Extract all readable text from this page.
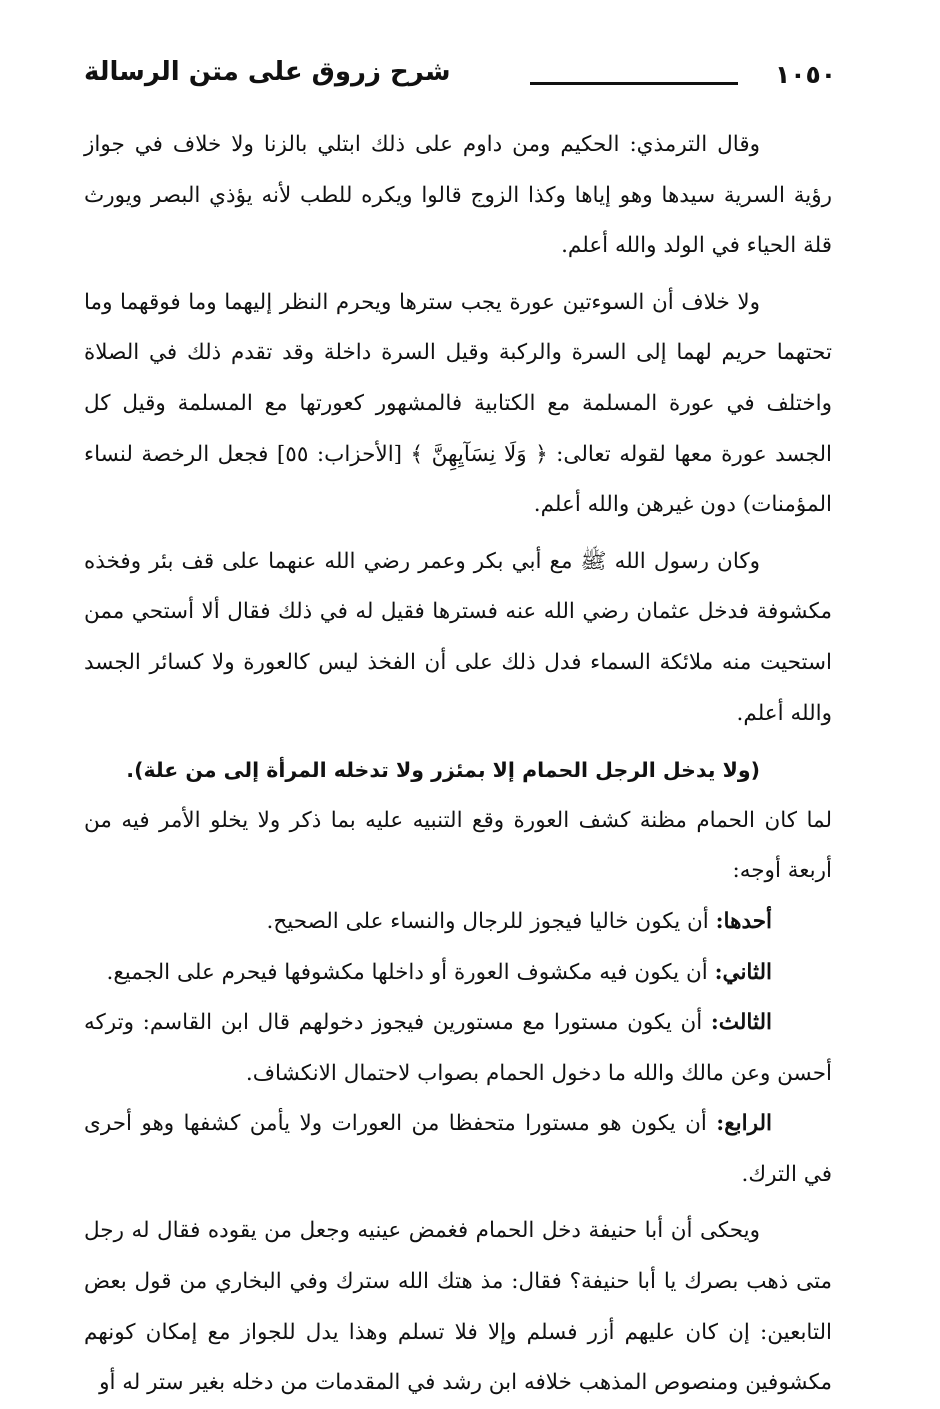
١٠٥٠
شرح زروق على متن الرسالة

وقال الترمذي: الحكيم ومن داوم على ذلك ابتلي بالزنا ولا خلاف في جواز رؤية السرية سيدها وهو إياها وكذا الزوج قالوا ويكره للطب لأنه يؤذي البصر ويورث قلة الحياء في الولد والله أعلم.

ولا خلاف أن السوءتين عورة يجب سترها ويحرم النظر إليهما وما فوقهما وما تحتهما حريم لهما إلى السرة والركبة وقيل السرة داخلة وقد تقدم ذلك في الصلاة واختلف في عورة المسلمة مع الكتابية فالمشهور كعورتها مع المسلمة وقيل كل الجسد عورة معها لقوله تعالى: ﴿ وَلَا نِسَآيِهِنَّ ﴾ [الأحزاب: ٥٥] فجعل الرخصة لنساء المؤمنات) دون غيرهن والله أعلم.

وكان رسول الله ﷺ مع أبي بكر وعمر رضي الله عنهما على قف بئر وفخذه مكشوفة فدخل عثمان رضي الله عنه فسترها فقيل له في ذلك فقال ألا أستحي ممن استحيت منه ملائكة السماء فدل ذلك على أن الفخذ ليس كالعورة ولا كسائر الجسد والله أعلم.

(ولا يدخل الرجل الحمام إلا بمئزر ولا تدخله المرأة إلى من علة).

لما كان الحمام مظنة كشف العورة وقع التنبيه عليه بما ذكر ولا يخلو الأمر فيه من أربعة أوجه:

أحدها: أن يكون خاليا فيجوز للرجال والنساء على الصحيح.

الثاني: أن يكون فيه مكشوف العورة أو داخلها مكشوفها فيحرم على الجميع.

الثالث: أن يكون مستورا مع مستورين فيجوز دخولهم قال ابن القاسم: وتركه أحسن وعن مالك والله ما دخول الحمام بصواب لاحتمال الانكشاف.

الرابع: أن يكون هو مستورا متحفظا من العورات ولا يأمن كشفها وهو أحرى في الترك.

ويحكى أن أبا حنيفة دخل الحمام فغمض عينيه وجعل من يقوده فقال له رجل متى ذهب بصرك يا أبا حنيفة؟ فقال: مذ هتك الله سترك وفي البخاري من قول بعض التابعين: إن كان عليهم أزر فسلم وإلا فلا تسلم وهذا يدل للجواز مع إمكان كونهم مكشوفين ومنصوص المذهب خلافه ابن رشد في المقدمات من دخله بغير ستر له أو
